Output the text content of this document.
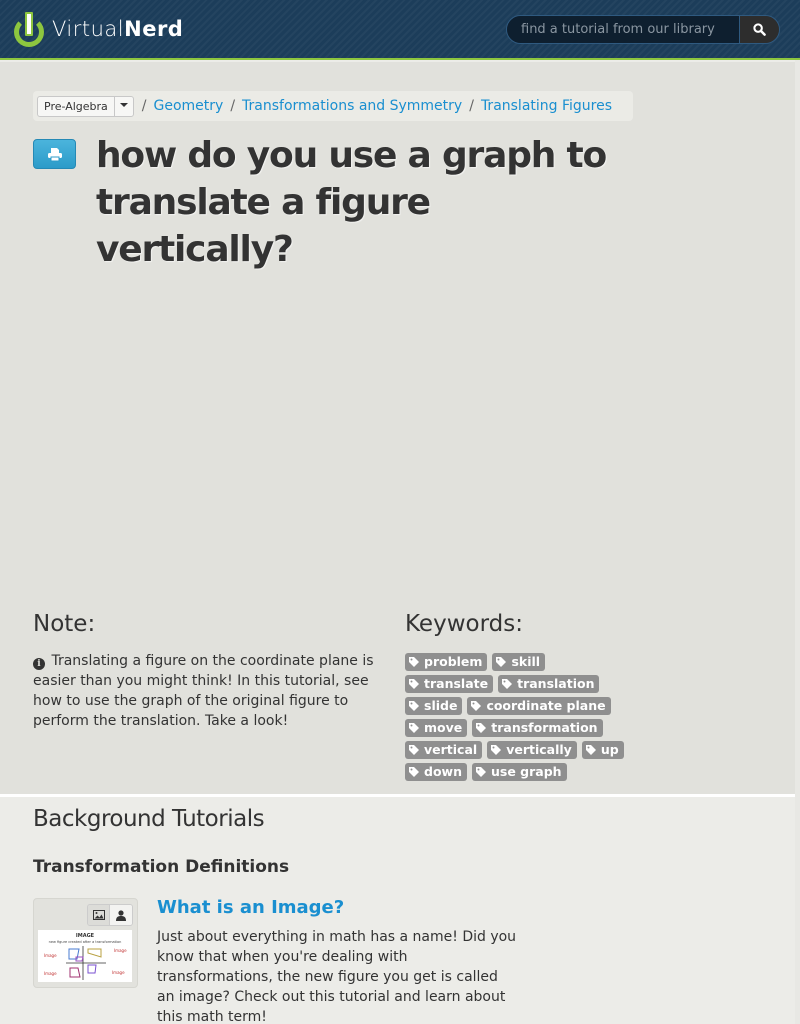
VirtualNerd
find a tutorial from our library
Pre-Algebra	/ Geometry / Transformations and Symmetry / Translating Figures
how do you use a graph to translate a figure vertically?
Note:
i Translating a figure on the coordinate plane is easier than you might think! In this tutorial, see how to use the graph of the original figure to perform the translation. Take a look!
Keywords:
problem skill
translate translation
slide coordinate plane
move transformation
vertical vertically up
down use graph
Background Tutorials
Transformation Definitions
IMAGE
new figure created after a transformation
Image
Image
Image
Image
What is an Image?

Just about everything in math has a name! Did you know that when you're dealing with transformations, the new figure you get is called an image? Check out this tutorial and learn about this math term!
